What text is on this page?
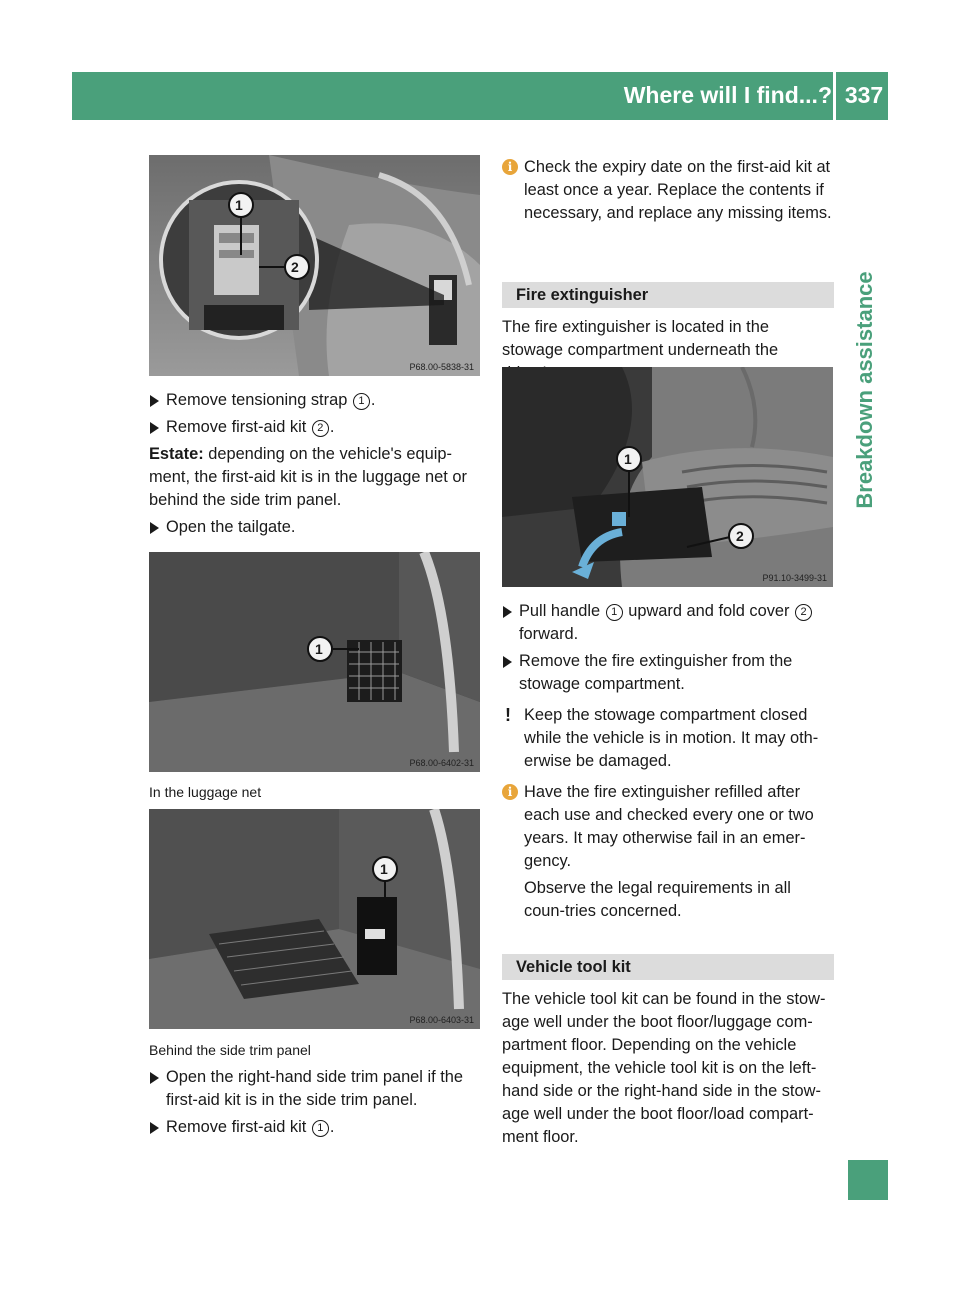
Where will I find...? 337
Breakdown assistance
1
2
P68.00-5838-31

Remove tensioning strap 1 .

Remove first-aid kit 2 .

Estate: depending on the vehicle's equip-ment, the first-aid kit is in the luggage net or behind the side trim panel.

Open the tailgate.

1
P68.00-6402-31
In the luggage net
1
P68.00-6403-31
Behind the side trim panel

Open the right-hand side trim panel if the first-aid kit is in the side trim panel.

Remove first-aid kit 1 .

i Check the expiry date on the first-aid kit at least once a year. Replace the contents if necessary, and replace any missing items.

Fire extinguisher

The fire extinguisher is located in the stowage compartment underneath the

1
2
P91.10-3499-31

Pull handle 1 upward and fold cover 2 forward.

Remove the fire extinguisher from the stowage compartment.

! Keep the stowage compartment closed while the vehicle is in motion. It may oth-erwise be damaged.

i Have the fire extinguisher refilled after each use and checked every one or two years. It may otherwise fail in an emer-gency.

Observe the legal requirements in all coun-tries concerned.

Vehicle tool kit

The vehicle tool kit can be found in the stow-age well under the boot floor/luggage com-partment floor. Depending on the vehicle equipment, the vehicle tool kit is on the left-hand side or the right-hand side in the stow-age well under the boot floor/load compart-ment floor.
